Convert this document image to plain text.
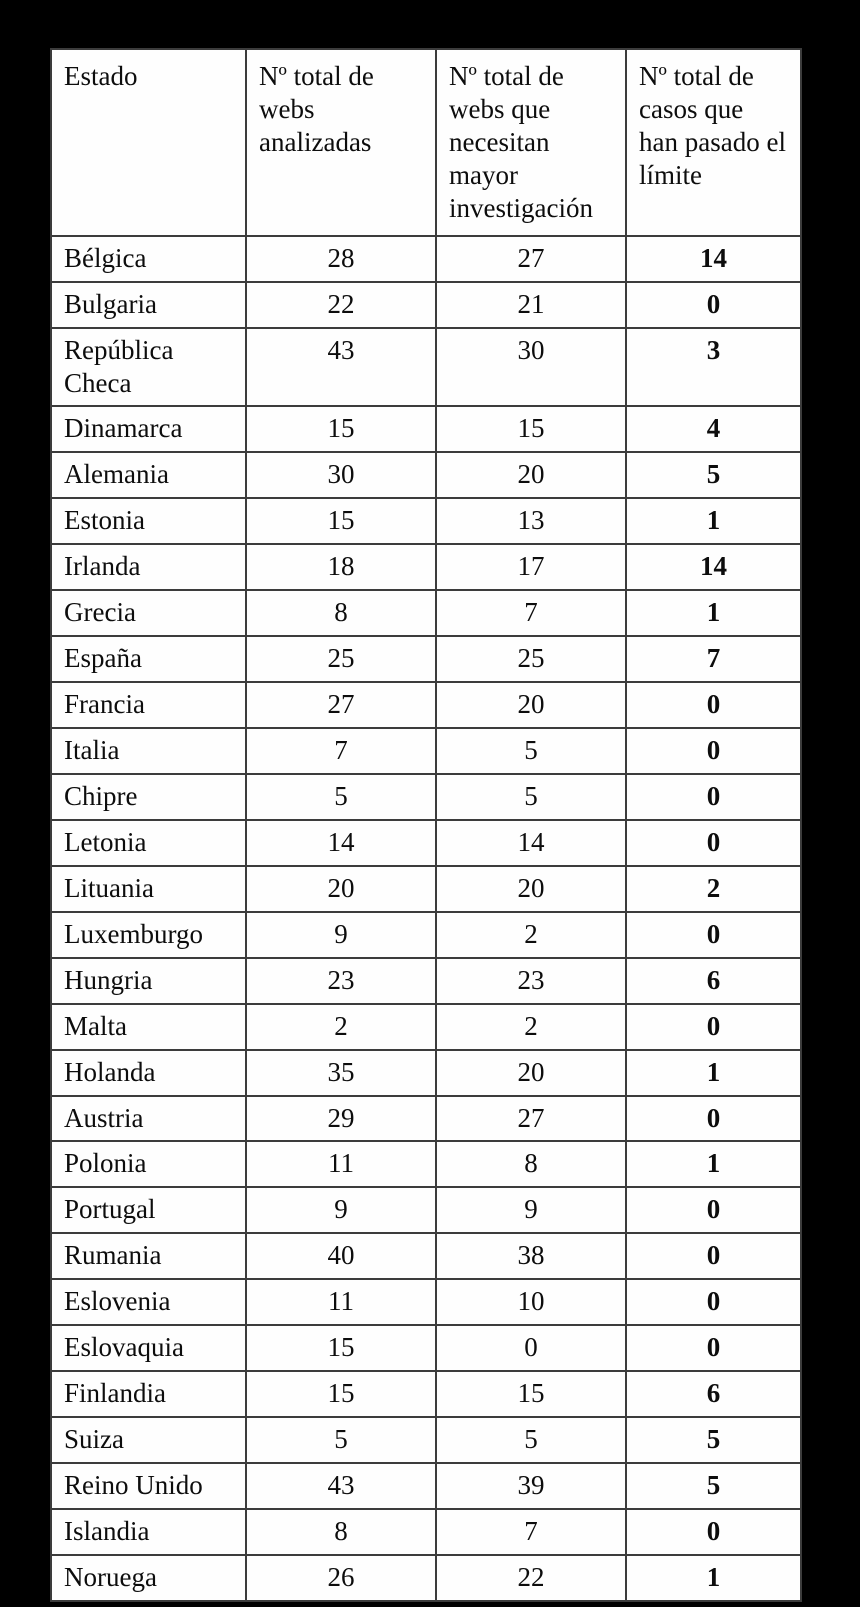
Estado	Nº total de webs analizadas	Nº total de webs que necesitan mayor investigación	Nº total de casos que han pasado el límite
Bélgica	28	27	14
Bulgaria	22	21	0
República Checa	43	30	3
Dinamarca	15	15	4
Alemania	30	20	5
Estonia	15	13	1
Irlanda	18	17	14
Grecia	8	7	1
España	25	25	7
Francia	27	20	0
Italia	7	5	0
Chipre	5	5	0
Letonia	14	14	0
Lituania	20	20	2
Luxemburgo	9	2	0
Hungria	23	23	6
Malta	2	2	0
Holanda	35	20	1
Austria	29	27	0
Polonia	11	8	1
Portugal	9	9	0
Rumania	40	38	0
Eslovenia	11	10	0
Eslovaquia	15	0	0
Finlandia	15	15	6
Suiza	5	5	5
Reino Unido	43	39	5
Islandia	8	7	0
Noruega	26	22	1
